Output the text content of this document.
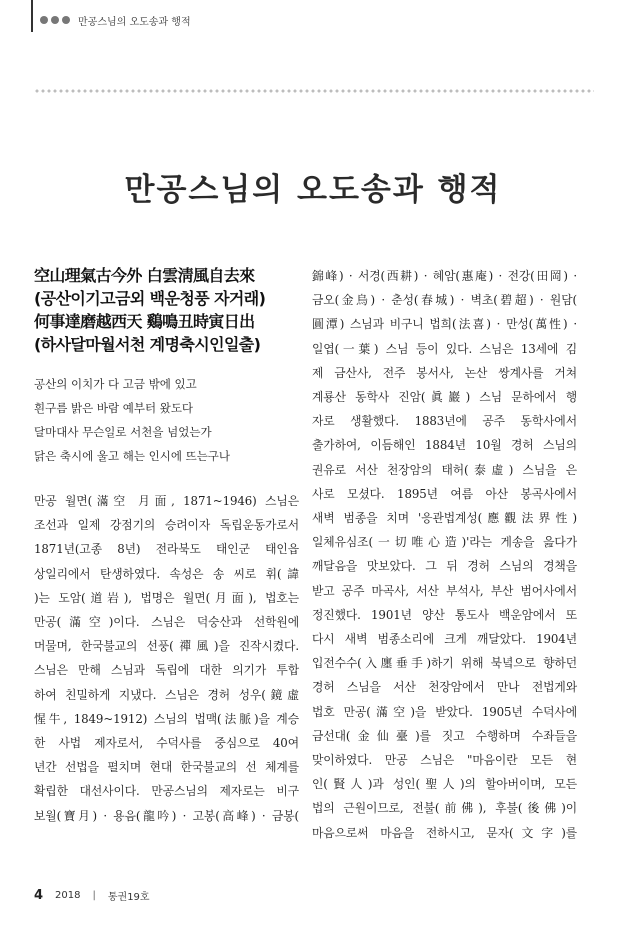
만공스님의 오도송과 행적
만공스님의 오도송과 행적
空山理氣古今外 白雲淸風自去來
(공산이기고금외 백운청풍 자거래)
何事達磨越西天 鷄鳴丑時寅日出
(하사달마월서천 계명축시인일출)
공산의 이치가 다 고금 밖에 있고
흰구름 밝은 바람 예부터 왔도다
달마대사 무슨일로 서천을 넘었는가
닭은 축시에 울고 해는 인시에 뜨는구나
만공 월면(滿空 月面, 1871~1946) 스님은
조선과 일제 강점기의 승려이자 독립운동가로서
1871년(고종 8년) 전라북도 태인군 태인읍
상일리에서 탄생하였다. 속성은 송 씨로 휘(諱
)는 도암(道岩), 법명은 월면(月面), 법호는
만공(滿空)이다. 스님은 덕숭산과 선학원에
머물며, 한국불교의 선풍(禪風)을 진작시켰다.
스님은 만해 스님과 독립에 대한 의기가 투합
하여 친밀하게 지냈다. 스님은 경허 성우(鏡虛
惺牛, 1849~1912) 스님의 법맥(法脈)을 계승
한 사법 제자로서, 수덕사를 중심으로 40여
년간 선법을 펼치며 현대 한국불교의 선 체계를
확립한 대선사이다. 만공스님의 제자로는 비구
보월(寶月) · 용음(龍吟) · 고봉(高峰) · 금봉(
錦峰) · 서경(西耕) · 혜암(惠庵) · 전강(田岡) ·
금오(金烏) · 춘성(春城) · 벽초(碧超) · 원담(
圓潭) 스님과 비구니 법희(法喜) · 만성(萬性) ·
일엽(一葉) 스님 등이 있다. 스님은 13세에 김
제 금산사, 전주 봉서사, 논산 쌍계사를 거쳐
계룡산 동학사 진암(眞巖) 스님 문하에서 행
자로 생활했다. 1883년에 공주 동학사에서
출가하여, 이듬해인 1884년 10월 경허 스님의
권유로 서산 천장암의 태허(泰虛) 스님을 은
사로 모셨다. 1895년 여름 아산 봉곡사에서
새벽 범종을 치며 '응관법계성(應觀法界性)
일체유심조(一切唯心造)'라는 게송을 읊다가
깨달음을 맛보았다. 그 뒤 경허 스님의 경책을
받고 공주 마곡사, 서산 부석사, 부산 범어사에서
정진했다. 1901년 양산 통도사 백운암에서 또
다시 새벽 범종소리에 크게 깨달았다. 1904년
입전수수(入廛垂手)하기 위해 북녘으로 향하던
경허 스님을 서산 천장암에서 만나 전법게와
법호 만공(滿空)을 받았다. 1905년 수덕사에
금선대(金仙臺)를 짓고 수행하며 수좌들을
맞이하였다. 만공 스님은 "마음이란 모든 현
인(賢人)과 성인(聖人)의 할아버이며, 모든
법의 근원이므로, 전불(前佛), 후불(後佛)이
마음으로써 마음을 전하시고, 문자(文字)를
4 2018 | 통권19호
